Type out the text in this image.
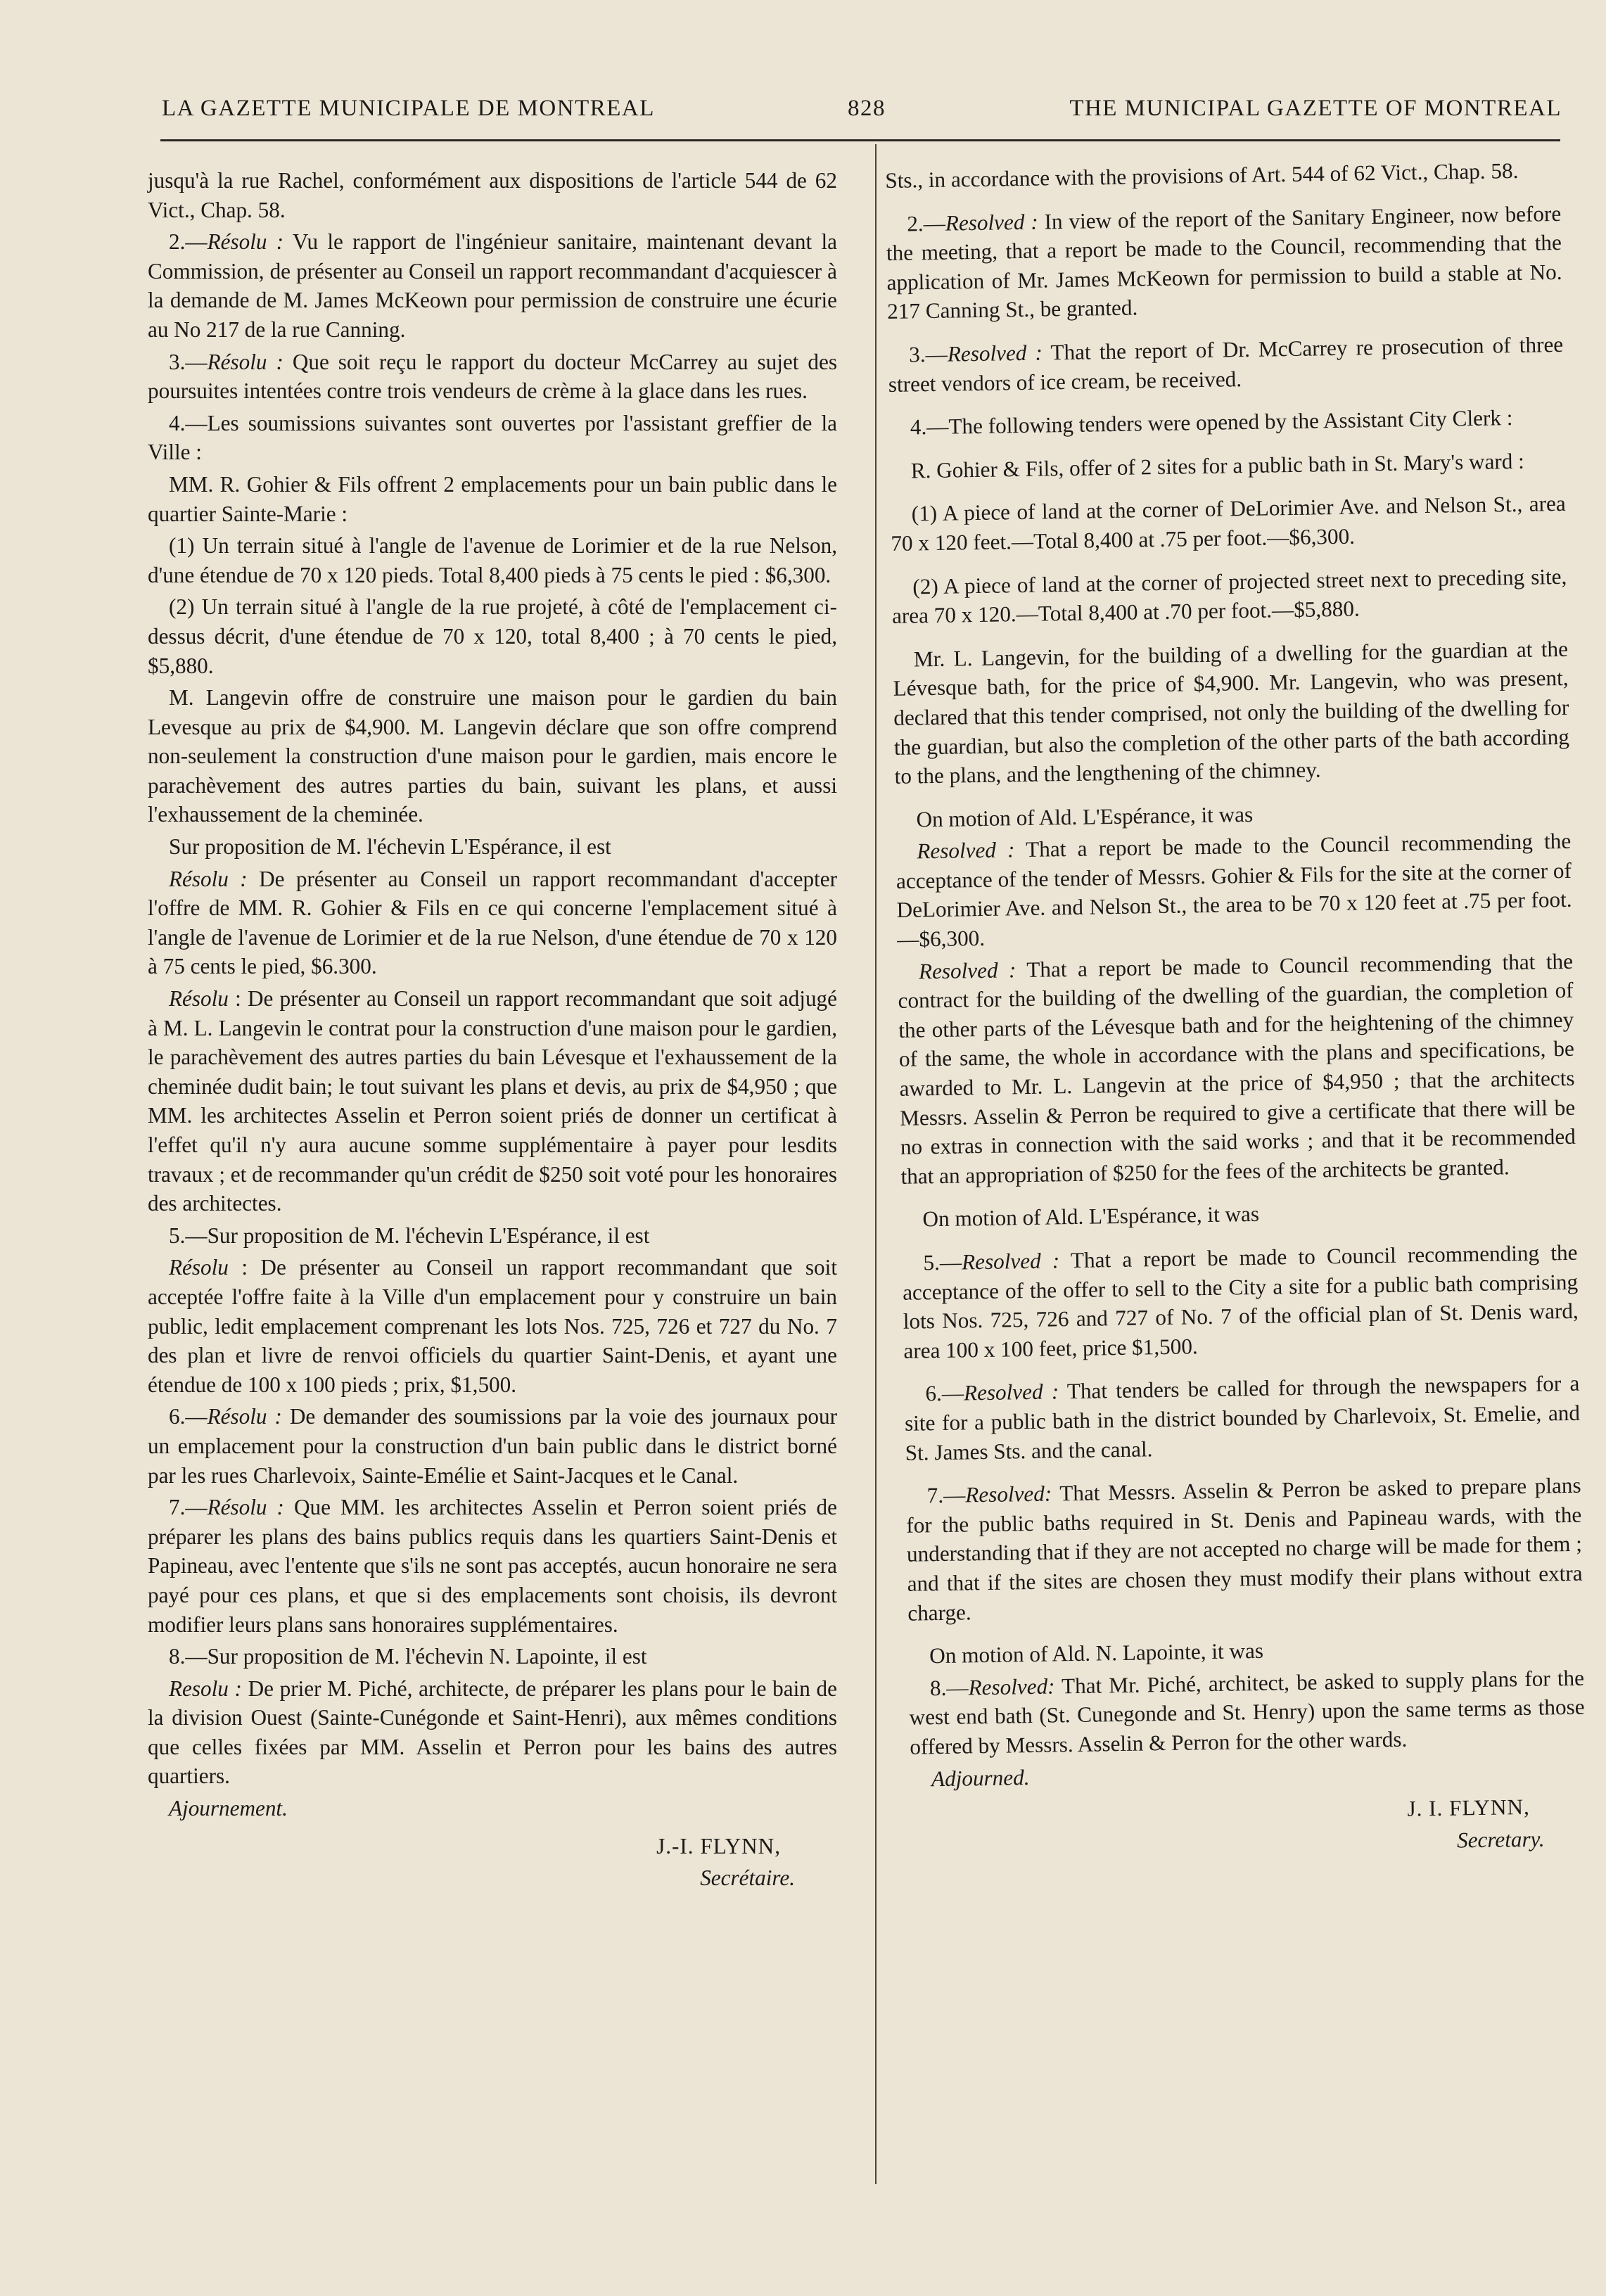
LA GAZETTE MUNICIPALE DE MONTREAL	828	THE MUNICIPAL GAZETTE OF MONTREAL

jusqu'à la rue Rachel, conformément aux dispositions de l'article 544 de 62 Vict., Chap. 58.

2.—Résolu : Vu le rapport de l'ingénieur sanitaire, maintenant devant la Commission, de présenter au Conseil un rapport recommandant d'acquiescer à la demande de M. James McKeown pour permission de construire une écurie au No 217 de la rue Canning.

3.—Résolu : Que soit reçu le rapport du docteur McCarrey au sujet des poursuites intentées contre trois vendeurs de crème à la glace dans les rues.

4.—Les soumissions suivantes sont ouvertes por l'assistant greffier de la Ville :

MM. R. Gohier & Fils offrent 2 emplacements pour un bain public dans le quartier Sainte-Marie :

(1) Un terrain situé à l'angle de l'avenue de Lorimier et de la rue Nelson, d'une étendue de 70 x 120 pieds. Total 8,400 pieds à 75 cents le pied : $6,300.

(2) Un terrain situé à l'angle de la rue projeté, à côté de l'emplacement ci-dessus décrit, d'une étendue de 70 x 120, total 8,400 ; à 70 cents le pied, $5,880.

M. Langevin offre de construire une maison pour le gardien du bain Levesque au prix de $4,900. M. Langevin déclare que son offre comprend non-seulement la construction d'une maison pour le gardien, mais encore le parachèvement des autres parties du bain, suivant les plans, et aussi l'exhaussement de la cheminée.

Sur proposition de M. l'échevin L'Espérance, il est

Résolu : De présenter au Conseil un rapport recommandant d'accepter l'offre de MM. R. Gohier & Fils en ce qui concerne l'emplacement situé à l'angle de l'avenue de Lorimier et de la rue Nelson, d'une étendue de 70 x 120 à 75 cents le pied, $6.300.

Résolu : De présenter au Conseil un rapport recommandant que soit adjugé à M. L. Langevin le contrat pour la construction d'une maison pour le gardien, le parachèvement des autres parties du bain Lévesque et l'exhaussement de la cheminée dudit bain; le tout suivant les plans et devis, au prix de $4,950 ; que MM. les architectes Asselin et Perron soient priés de donner un certificat à l'effet qu'il n'y aura aucune somme supplémentaire à payer pour lesdits travaux ; et de recommander qu'un crédit de $250 soit voté pour les honoraires des architectes.

5.—Sur proposition de M. l'échevin L'Espérance, il est

Résolu : De présenter au Conseil un rapport recommandant que soit acceptée l'offre faite à la Ville d'un emplacement pour y construire un bain public, ledit emplacement comprenant les lots Nos. 725, 726 et 727 du No. 7 des plan et livre de renvoi officiels du quartier Saint-Denis, et ayant une étendue de 100 x 100 pieds ; prix, $1,500.

6.—Résolu : De demander des soumissions par la voie des journaux pour un emplacement pour la construction d'un bain public dans le district borné par les rues Charlevoix, Sainte-Emélie et Saint-Jacques et le Canal.

7.—Résolu : Que MM. les architectes Asselin et Perron soient priés de préparer les plans des bains publics requis dans les quartiers Saint-Denis et Papineau, avec l'entente que s'ils ne sont pas acceptés, aucun honoraire ne sera payé pour ces plans, et que si des emplacements sont choisis, ils devront modifier leurs plans sans honoraires supplémentaires.

8.—Sur proposition de M. l'échevin N. Lapointe, il est

Resolu : De prier M. Piché, architecte, de préparer les plans pour le bain de la division Ouest (Sainte-Cunégonde et Saint-Henri), aux mêmes conditions que celles fixées par MM. Asselin et Perron pour les bains des autres quartiers.

Ajournement.

J.-I. FLYNN,

Secrétaire.

Sts., in accordance with the provisions of Art. 544 of 62 Vict., Chap. 58.

2.—Resolved : In view of the report of the Sanitary Engineer, now before the meeting, that a report be made to the Council, recommending that the application of Mr. James McKeown for permission to build a stable at No. 217 Canning St., be granted.

3.—Resolved : That the report of Dr. McCarrey re prosecution of three street vendors of ice cream, be received.

4.—The following tenders were opened by the Assistant City Clerk :

R. Gohier & Fils, offer of 2 sites for a public bath in St. Mary's ward :

(1) A piece of land at the corner of DeLorimier Ave. and Nelson St., area 70 x 120 feet.—Total 8,400 at .75 per foot.—$6,300.

(2) A piece of land at the corner of projected street next to preceding site, area 70 x 120.—Total 8,400 at .70 per foot.—$5,880.

Mr. L. Langevin, for the building of a dwelling for the guardian at the Lévesque bath, for the price of $4,900. Mr. Langevin, who was present, declared that this tender comprised, not only the building of the dwelling for the guardian, but also the completion of the other parts of the bath according to the plans, and the lengthening of the chimney.

On motion of Ald. L'Espérance, it was

Resolved : That a report be made to the Council recommending the acceptance of the tender of Messrs. Gohier & Fils for the site at the corner of DeLorimier Ave. and Nelson St., the area to be 70 x 120 feet at .75 per foot.—$6,300.

Resolved : That a report be made to Council recommending that the contract for the building of the dwelling of the guardian, the completion of the other parts of the Lévesque bath and for the heightening of the chimney of the same, the whole in accordance with the plans and specifications, be awarded to Mr. L. Langevin at the price of $4,950 ; that the architects Messrs. Asselin & Perron be required to give a certificate that there will be no extras in connection with the said works ; and that it be recommended that an appropriation of $250 for the fees of the architects be granted.

On motion of Ald. L'Espérance, it was

5.—Resolved : That a report be made to Council recommending the acceptance of the offer to sell to the City a site for a public bath comprising lots Nos. 725, 726 and 727 of No. 7 of the official plan of St. Denis ward, area 100 x 100 feet, price $1,500.

6.—Resolved : That tenders be called for through the newspapers for a site for a public bath in the district bounded by Charlevoix, St. Emelie, and St. James Sts. and the canal.

7.—Resolved: That Messrs. Asselin & Perron be asked to prepare plans for the public baths required in St. Denis and Papineau wards, with the understanding that if they are not accepted no charge will be made for them ; and that if the sites are chosen they must modify their plans without extra charge.

On motion of Ald. N. Lapointe, it was

8.—Resolved: That Mr. Piché, architect, be asked to supply plans for the west end bath (St. Cunegonde and St. Henry) upon the same terms as those offered by Messrs. Asselin & Perron for the other wards.

Adjourned.

J. I. FLYNN,

Secretary.
